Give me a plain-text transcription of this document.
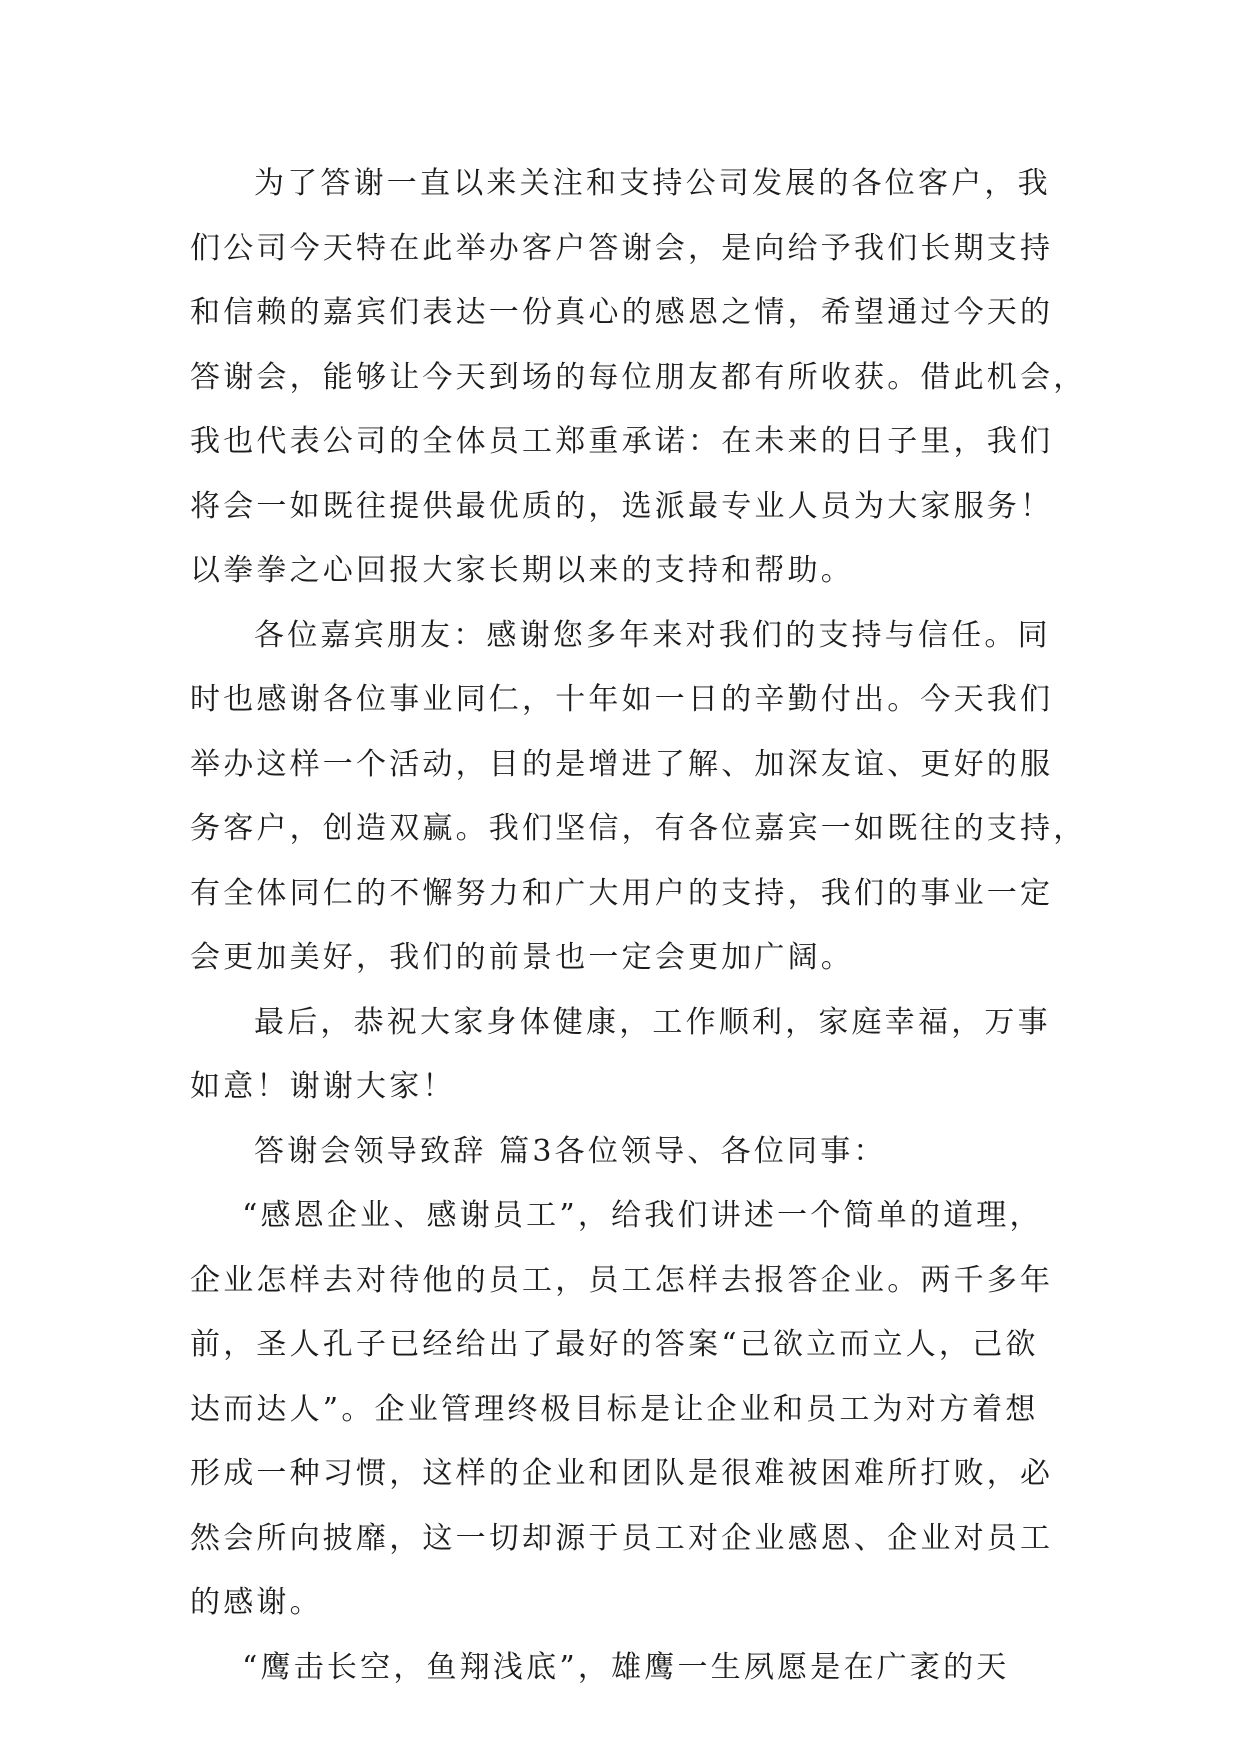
为了答谢一直以来关注和支持公司发展的各位客户，我
们公司今天特在此举办客户答谢会，是向给予我们长期支持
和信赖的嘉宾们表达一份真心的感恩之情，希望通过今天的
答谢会，能够让今天到场的每位朋友都有所收获。借此机会，
我也代表公司的全体员工郑重承诺：在未来的日子里，我们
将会一如既往提供最优质的，选派最专业人员为大家服务！
以拳拳之心回报大家长期以来的支持和帮助。
各位嘉宾朋友：感谢您多年来对我们的支持与信任。同
时也感谢各位事业同仁，十年如一日的辛勤付出。今天我们
举办这样一个活动，目的是增进了解、加深友谊、更好的服
务客户，创造双赢。我们坚信，有各位嘉宾一如既往的支持，
有全体同仁的不懈努力和广大用户的支持，我们的事业一定
会更加美好，我们的前景也一定会更加广阔。
最后，恭祝大家身体健康，工作顺利，家庭幸福，万事
如意！谢谢大家！
答谢会领导致辞 篇3各位领导、各位同事：
“感恩企业、感谢员工”，给我们讲述一个简单的道理，
企业怎样去对待他的员工，员工怎样去报答企业。两千多年
前，圣人孔子已经给出了最好的答案“己欲立而立人，己欲
达而达人”。企业管理终极目标是让企业和员工为对方着想
形成一种习惯，这样的企业和团队是很难被困难所打败，必
然会所向披靡，这一切却源于员工对企业感恩、企业对员工
的感谢。
“鹰击长空，鱼翔浅底”，雄鹰一生夙愿是在广袤的天
